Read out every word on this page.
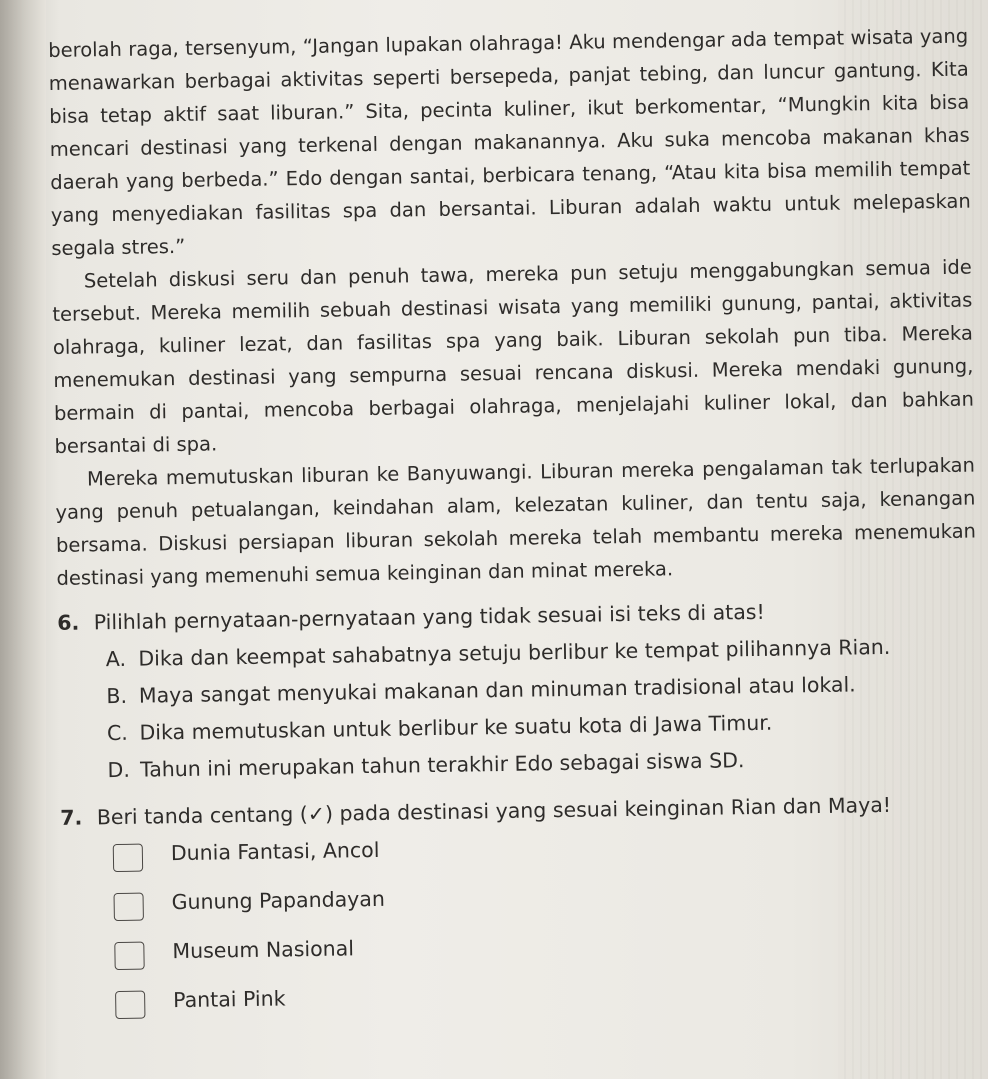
berolah raga, tersenyum, “Jangan lupakan olahraga! Aku mendengar ada tempat wisata yang menawarkan berbagai aktivitas seperti bersepeda, panjat tebing, dan luncur gantung. Kita bisa tetap aktif saat liburan.” Sita, pecinta kuliner, ikut berkomentar, “Mungkin kita bisa mencari destinasi yang terkenal dengan makanannya. Aku suka mencoba makanan khas daerah yang berbeda.” Edo dengan santai, berbicara tenang, “Atau kita bisa memilih tempat yang menyediakan fasilitas spa dan bersantai. Liburan adalah waktu untuk melepaskan segala stres.”

Setelah diskusi seru dan penuh tawa, mereka pun setuju menggabungkan semua ide tersebut. Mereka memilih sebuah destinasi wisata yang memiliki gunung, pantai, aktivitas olahraga, kuliner lezat, dan fasilitas spa yang baik. Liburan sekolah pun tiba. Mereka menemukan destinasi yang sempurna sesuai rencana diskusi. Mereka mendaki gunung, bermain di pantai, mencoba berbagai olahraga, menjelajahi kuliner lokal, dan bahkan bersantai di spa.

Mereka memutuskan liburan ke Banyuwangi. Liburan mereka pengalaman tak terlupakan yang penuh petualangan, keindahan alam, kelezatan kuliner, dan tentu saja, kenangan bersama. Diskusi persiapan liburan sekolah mereka telah membantu mereka menemukan destinasi yang memenuhi semua keinginan dan minat mereka.

6. Pilihlah pernyataan-pernyataan yang tidak sesuai isi teks di atas!

A. Dika dan keempat sahabatnya setuju berlibur ke tempat pilihannya Rian.

B. Maya sangat menyukai makanan dan minuman tradisional atau lokal.

C. Dika memutuskan untuk berlibur ke suatu kota di Jawa Timur.

D. Tahun ini merupakan tahun terakhir Edo sebagai siswa SD.

7. Beri tanda centang (✓) pada destinasi yang sesuai keinginan Rian dan Maya!

Dunia Fantasi, Ancol
Gunung Papandayan
Museum Nasional
Pantai Pink
